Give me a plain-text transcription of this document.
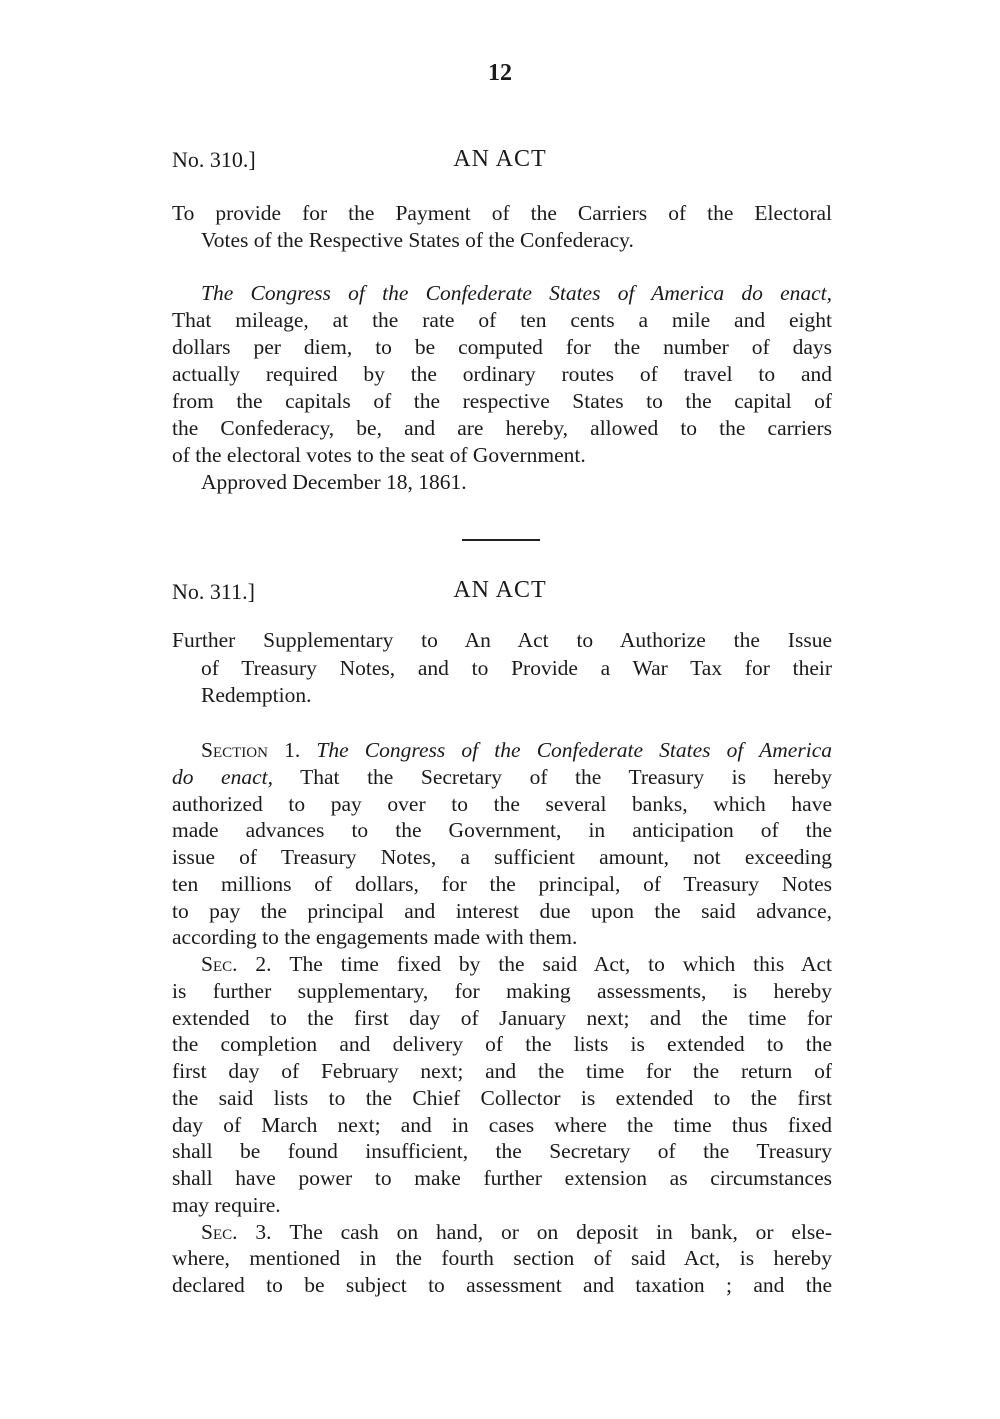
12
No. 310.]	AN ACT
No. 311.]	AN ACT
To provide for the Payment of the Carriers of the Electoral
Votes of the Respective States of the Confederacy.
The Congress of the Confederate States of America do enact,
That mileage, at the rate of ten cents a mile and eight
dollars per diem, to be computed for the number of days
actually required by the ordinary routes of travel to and
from the capitals of the respective States to the capital of
the Confederacy, be, and are hereby, allowed to the carriers
of the electoral votes to the seat of Government.
Approved December 18, 1861.
Further Supplementary to An Act to Authorize the Issue
of Treasury Notes, and to Provide a War Tax for their
Redemption.
Section 1. The Congress of the Confederate States of America
do enact, That the Secretary of the Treasury is hereby
authorized to pay over to the several banks, which have
made advances to the Government, in anticipation of the
issue of Treasury Notes, a sufficient amount, not exceeding
ten millions of dollars, for the principal, of Treasury Notes
to pay the principal and interest due upon the said advance,
according to the engagements made with them.
Sec. 2. The time fixed by the said Act, to which this Act
is further supplementary, for making assessments, is hereby
extended to the first day of January next; and the time for
the completion and delivery of the lists is extended to the
first day of February next; and the time for the return of
the said lists to the Chief Collector is extended to the first
day of March next; and in cases where the time thus fixed
shall be found insufficient, the Secretary of the Treasury
shall have power to make further extension as circumstances
may require.
Sec. 3. The cash on hand, or on deposit in bank, or else-
where, mentioned in the fourth section of said Act, is hereby
declared to be subject to assessment and taxation ; and the
